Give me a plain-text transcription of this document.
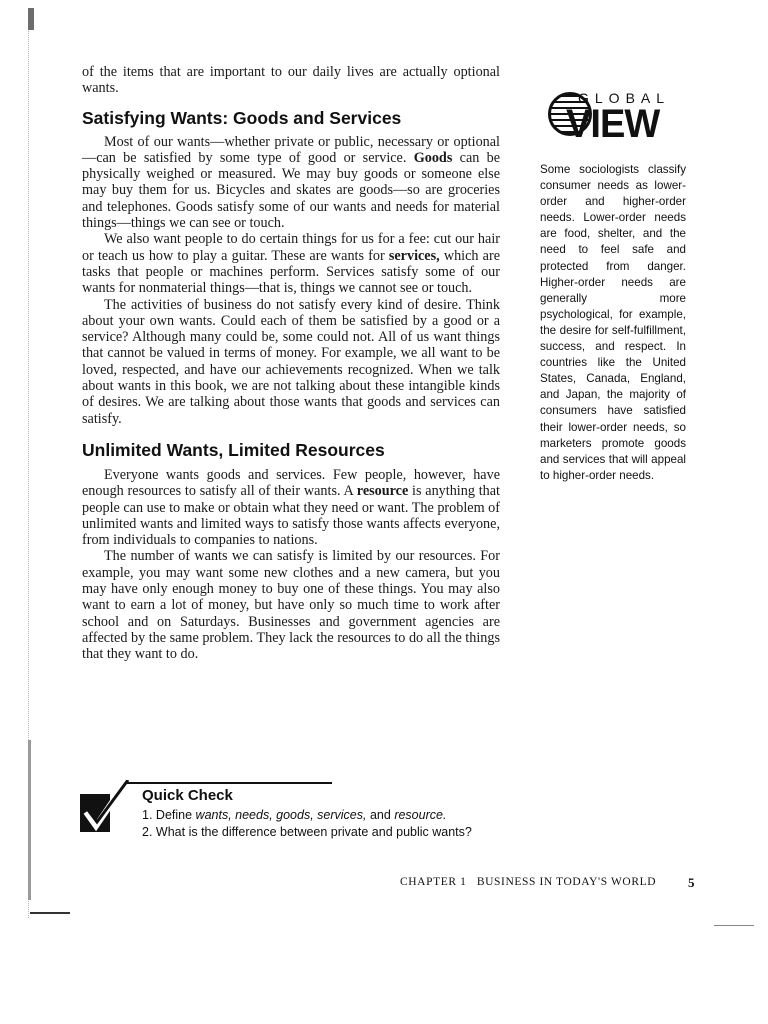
of the items that are important to our daily lives are actually optional wants.

Satisfying Wants: Goods and Services

Most of our wants—whether private or public, necessary or optional—can be satisfied by some type of good or service. Goods can be physically weighed or measured. We may buy goods or someone else may buy them for us. Bicycles and skates are goods—so are groceries and telephones. Goods satisfy some of our wants and needs for material things—things we can see or touch.

We also want people to do certain things for us for a fee: cut our hair or teach us how to play a guitar. These are wants for services, which are tasks that people or machines perform. Services satisfy some of our wants for nonmaterial things—that is, things we cannot see or touch.

The activities of business do not satisfy every kind of desire. Think about your own wants. Could each of them be satisfied by a good or a service? Although many could be, some could not. All of us want things that cannot be valued in terms of money. For example, we all want to be loved, respected, and have our achievements recognized. When we talk about wants in this book, we are not talking about these intangible kinds of desires. We are talking about those wants that goods and services can satisfy.

Unlimited Wants, Limited Resources

Everyone wants goods and services. Few people, however, have enough resources to satisfy all of their wants. A resource is anything that people can use to make or obtain what they need or want. The problem of unlimited wants and limited ways to satisfy those wants affects everyone, from individuals to companies to nations.

The number of wants we can satisfy is limited by our resources. For example, you may want some new clothes and a new camera, but you may have only enough money to buy one of these things. You may also want to earn a lot of money, but have only so much time to work after school and on Saturdays. Businesses and government agencies are affected by the same problem. They lack the resources to do all the things that they want to do.

GLOBAL
VIEW

Some sociologists classify consumer needs as lower-order and higher-order needs. Lower-order needs are food, shelter, and the need to feel safe and protected from danger. Higher-order needs are generally more psychological, for example, the desire for self-fulfillment, success, and respect. In countries like the United States, Canada, England, and Japan, the majority of consumers have satisfied their lower-order needs, so marketers promote goods and services that will appeal to higher-order needs.

Quick Check
1. Define wants, needs, goods, services, and resource.
2. What is the difference between private and public wants?
CHAPTER 1   BUSINESS IN TODAY'S WORLD 5
